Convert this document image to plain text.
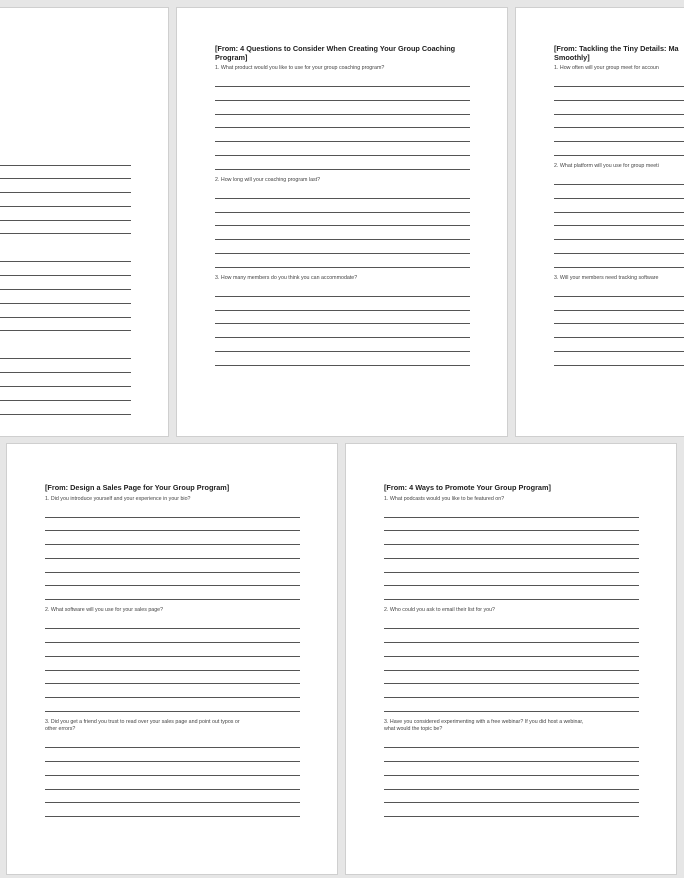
[From: 4 Questions to Consider When Creating Your Group Coaching
Program]
1. What product would you like to use for your group coaching program?
2. How long will your coaching program last?
3. How many members do you think you can accommodate?
[From: Tackling the Tiny Details: Ma
Smoothly]
1. How often will your group meet for accoun
2. What platform will you use for group meeti
3. Will your members need tracking software
[From: Design a Sales Page for Your Group Program]
1. Did you introduce yourself and your experience in your bio?
2. What software will you use for your sales page?
3. Did you get a friend you trust to read over your sales page and point out typos or
other errors?
[From: 4 Ways to Promote Your Group Program]
1. What podcasts would you like to be featured on?
2. Who could you ask to email their list for you?
3. Have you considered experimenting with a free webinar? If you did host a webinar,
what would the topic be?
